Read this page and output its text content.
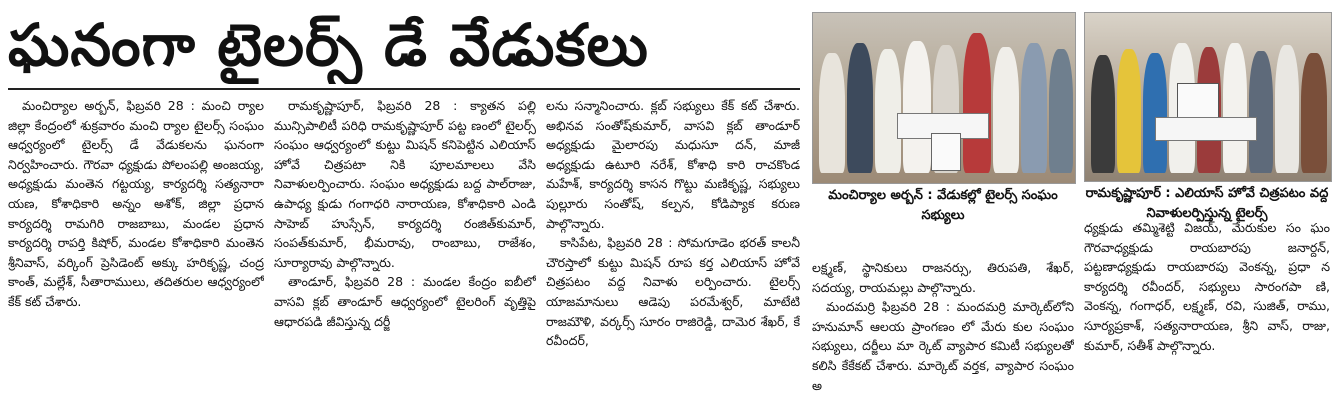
ఘనంగా టైలర్స్ డే వేడుకలు

మంచిర్యాల అర్బన్, ఫిబ్రవరి 28 : మంచి ర్యాల జిల్లా కేంద్రంలో శుక్రవారం మంచి ర్యాల టైలర్స్ సంఘం ఆధ్వర్యంలో టైలర్స్ డే వేడుకలను ఘనంగా నిర్వహించారు. గౌరవా ధ్యక్షుడు పోలంపల్లి అంజయ్య, అధ్యక్షుడు మంతెన గట్టయ్య, కార్యదర్శి సత్యనారా యణ, కోశాధికారి అన్నం అశోక్, జిల్లా ప్రధాన కార్యదర్శి రామగిరి రాజబాబు, మండల ప్రధాన కార్యదర్శి రాపర్తి కిషోర్, మండల కోశాధికారి మంతెన శ్రీనివాస్, వర్కింగ్ ప్రెసిడెంట్ అక్కు హరికృష్ణ, చంద్ర కాంత్, మల్లేశ్, సీతారాములు, తదితరుల ఆధ్వర్యంలో కేక్ కట్ చేశారు.

రామకృష్ణాపూర్, ఫిబ్రవరి 28 : క్యాతన పల్లి మున్సిపాలిటీ పరిధి రామకృష్ణాపూర్ పట్ట ణంలో టైలర్స్ సంఘం ఆధ్వర్యంలో కుట్టు మిషన్ కనిపెట్టిన ఎలియాస్ హోవే చిత్రపటా నికి పూలమాలలు వేసి నివాళులర్పించారు. సంఘం అధ్యక్షుడు బద్ద పాల్‌రాజు, ఉపాధ్య క్షుడు గంగాధరి నారాయణ, కోశాధికారి ఎండి సాహెబ్ హుస్సేన్, కార్యదర్శి రంజిత్‌కుమార్, సంపత్‌కుమార్, భీమరావు, రాంబాబు, రాజేశం, సూర్యారావు పాల్గొన్నారు.

తాండూర్, ఫిబ్రవరి 28 : మండల కేంద్రం ఐబీలో వాసవి క్లబ్ తాండూర్ ఆధ్వర్యంలో టైలరింగ్ వృత్తిపై ఆధారపడి జీవిస్తున్న దర్జీ

లను సన్మానించారు. క్లబ్ సభ్యులు కేక్ కట్ చేశారు. అభినవ సంతోష్‌కుమార్, వాసవి క్లబ్ తాండూర్ అధ్యక్షుడు మైలారపు మధుసూ దన్, మాజీ అధ్యక్షుడు ఉటూరి నరేశ్, కోశాధి కారి రాచకొండ మహేశ్, కార్యదర్శి కాసన గొట్టు మణికృష్ణ, సభ్యులు పుల్లూరు సంతోష్, కల్పన, కోడిప్యాక కరుణ పాల్గొన్నారు.

కాసిపేట, ఫిబ్రవరి 28 : సోమగూడెం భరత్ కాలనీ చౌరస్తాలో కుట్టు మిషన్ రూప కర్త ఎలియాస్ హోవే చిత్రపటం వద్ద నివాళు లర్పించారు. టైలర్స్ యాజమానులు ఆడెపు పరమేశ్వర్, మాటేటి రాజమౌళి, వర్కర్స్ సూరం రాజిరెడ్డి, దామెర శేఖర్, కే రవీందర్,

లక్ష్మణ్, స్థానికులు రాజనర్సు, తిరుపతి, శేఖర్, సదయ్య, రాయమల్లు పాల్గొన్నారు.

మందమర్రి ఫిబ్రవరి 28 : మందమర్రి మార్కెట్‌లోని హనుమాన్ ఆలయ ప్రాంగణం లో మేరు కుల సంఘం సభ్యులు, దర్జీలు మా ర్కెట్ వ్యాపార కమిటీ సభ్యులతో కలిసి కేకేకట్ చేశారు. మార్కెట్ వర్తక, వ్యాపార సంఘం అ

ధ్యక్షుడు తమ్మిశెట్టి విజయ్, మేరుకుల సం ఘం గౌరవాధ్యక్షుడు రాయబారపు జనార్దన్, పట్టణాధ్యక్షుడు రాయబారపు వెంకన్న, ప్రధా న కార్యదర్శి రవీందర్, సభ్యులు సారంగపా ణి, వెంకన్న, గంగాధర్, లక్ష్మణ్, రవి, సుజిత్, రాము, సూర్యప్రకాశ్, సత్యనారాయణ, శ్రీని వాస్, రాజు, కుమార్, సతీశ్ పాల్గొన్నారు.

మంచిర్యాల అర్బన్ : వేడుకల్లో టైలర్స్ సంఘం సభ్యులు
రామకృష్ణాపూర్ : ఎలియాస్ హోవే చిత్రపటం వద్ద నివాళులర్పిస్తున్న టైలర్స్
